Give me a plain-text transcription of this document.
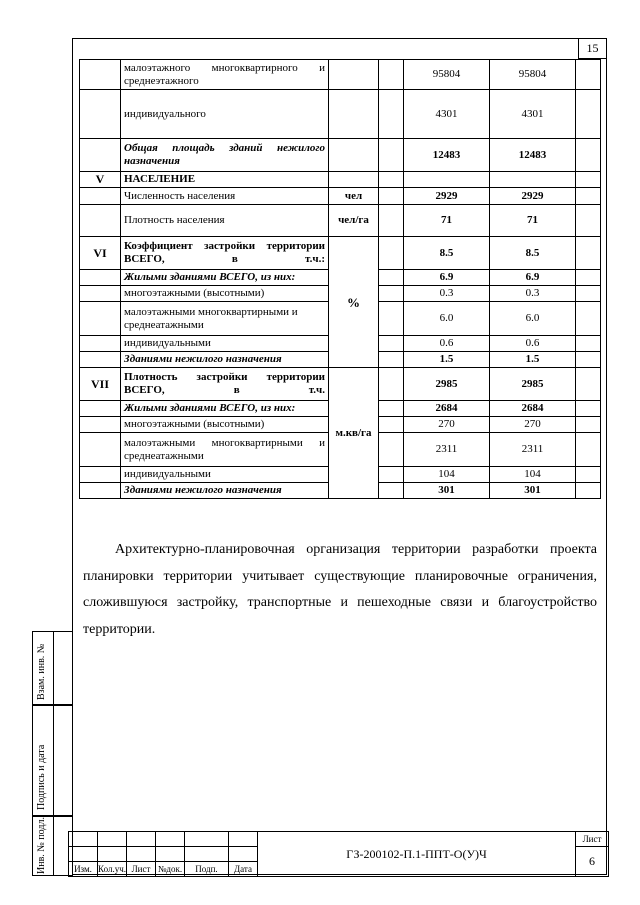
15
	малоэтажного многоквартирного и среднеэтажного			95804	95804	
	индивидуального			4301	4301	
	Общая площадь зданий нежилого назначения			12483	12483	
V	НАСЕЛЕНИЕ					
	Численность населения	чел		2929	2929	
	Плотность населения	чел/га		71	71	
VI	Коэффициент застройки территории ВСЕГО, в т.ч.:	%		8.5	8.5	
	Жилыми зданиями ВСЕГО, из них:			6.9	6.9	
	многоэтажными (высотными)			0.3	0.3	
	малоэтажными многоквартирными и среднеатажными			6.0	6.0	
	индивидуальными			0.6	0.6	
	Зданиями нежилого назначения			1.5	1.5	
VII	Плотность застройки территории ВСЕГО, в т.ч.	м.кв/га		2985	2985	
	Жилыми зданиями ВСЕГО, из них:			2684	2684	
	многоэтажными (высотными)			270	270	
	малоэтажными многоквартирными и среднеатажными			2311	2311	
	индивидуальными			104	104	
	Зданиями нежилого назначения			301	301	
Архитектурно-планировочная организация территории разработки проекта планировки территории учитывает существующие планировочные ограничения, сложившуюся застройку, транспортные и пешеходные связи и благоустройство территории.
Взам. инв. №
Подпись и дата
Инв. № подл.
							ГЗ-200102-П.1-ППТ-О(У)Ч	Лист
							6
Изм.	Кол.уч.	Лист	№док.	Подп.	Дата		
